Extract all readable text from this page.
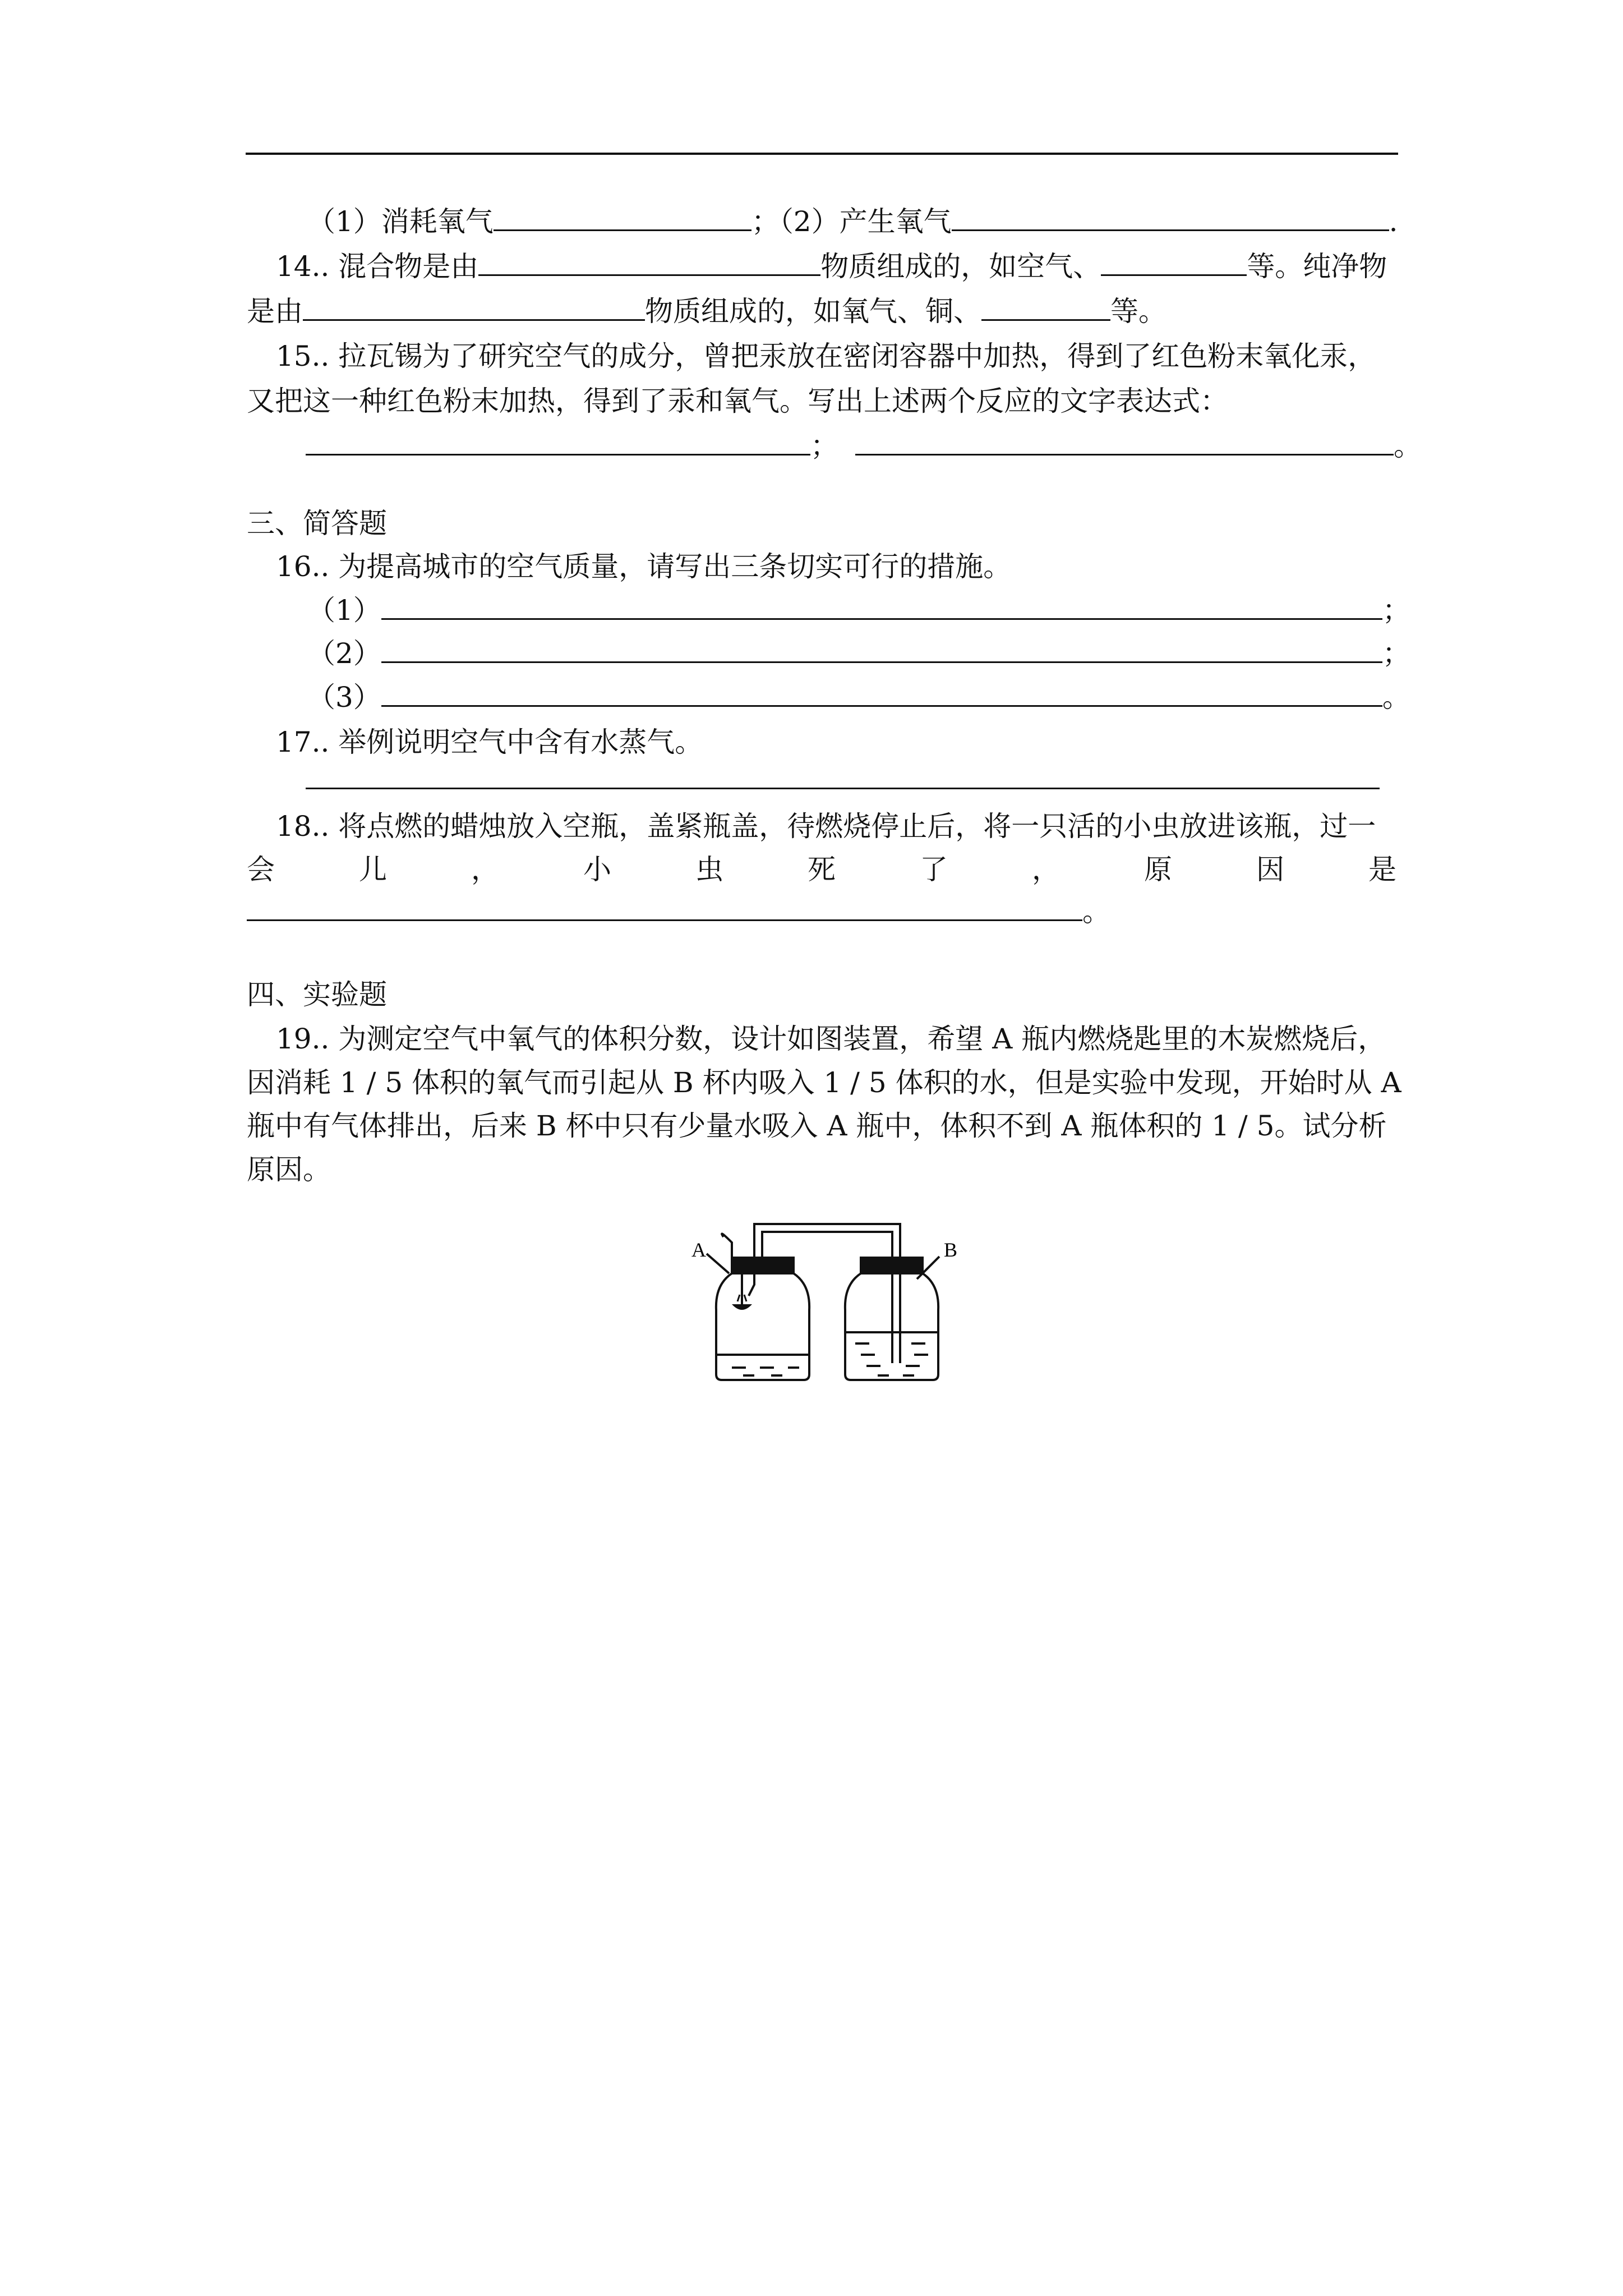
（1）消耗氧气	；（2）产生氧气	.
14.. 混合物是由	物质组成的，如空气、	等。纯净物
是由	物质组成的，如氧气、铜、	等。
15.. 拉瓦锡为了研究空气的成分，曾把汞放在密闭容器中加热，得到了红色粉末氧化汞，
又把这一种红色粉末加热，得到了汞和氧气。写出上述两个反应的文字表达式：
；	。
三、简答题
16.. 为提高城市的空气质量，请写出三条切实可行的措施。
（1）	；
（2）	；
（3）	。
17.. 举例说明空气中含有水蒸气。
18.. 将点燃的蜡烛放入空瓶，盖紧瓶盖，待燃烧停止后，将一只活的小虫放进该瓶，过一
会	儿	，	小	虫	死	了	，	原	因	是
。
四、实验题
19.. 为测定空气中氧气的体积分数，设计如图装置，希望 A 瓶内燃烧匙里的木炭燃烧后，
因消耗 1 / 5 体积的氧气而引起从 B 杯内吸入 1 / 5 体积的水，但是实验中发现，开始时从 A
瓶中有气体排出，后来 B 杯中只有少量水吸入 A 瓶中，体积不到 A 瓶体积的 1 / 5。试分析
原因。
A	B
